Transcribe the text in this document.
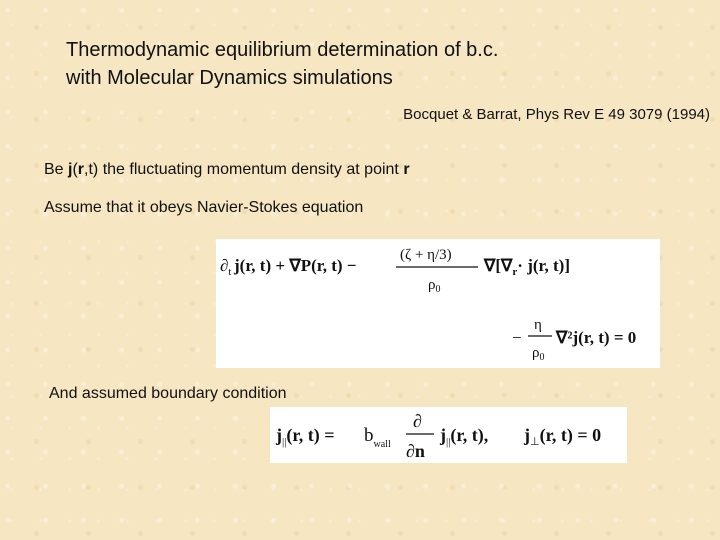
Thermodynamic equilibrium determination of b.c.
with Molecular Dynamics simulations
Bocquet & Barrat, Phys Rev E 49 3079 (1994)
Be j(r,t) the fluctuating momentum density at point r
Assume that it obeys Navier-Stokes equation
$\partial_t$ j(r, t) + ∇P(r, t) −
(ζ + η/3)
$\rho_0$
$\nabla[\nabla_r\cdot j(r$, t)]
−
η
$\rho_0$
∇²j(r, t) = 0
And assumed boundary condition
$j_{||}(r$, $t) = b_{wall}$
∂
∂n
$j_{||}(r$, t), $j_\perp(r$, t) = 0
